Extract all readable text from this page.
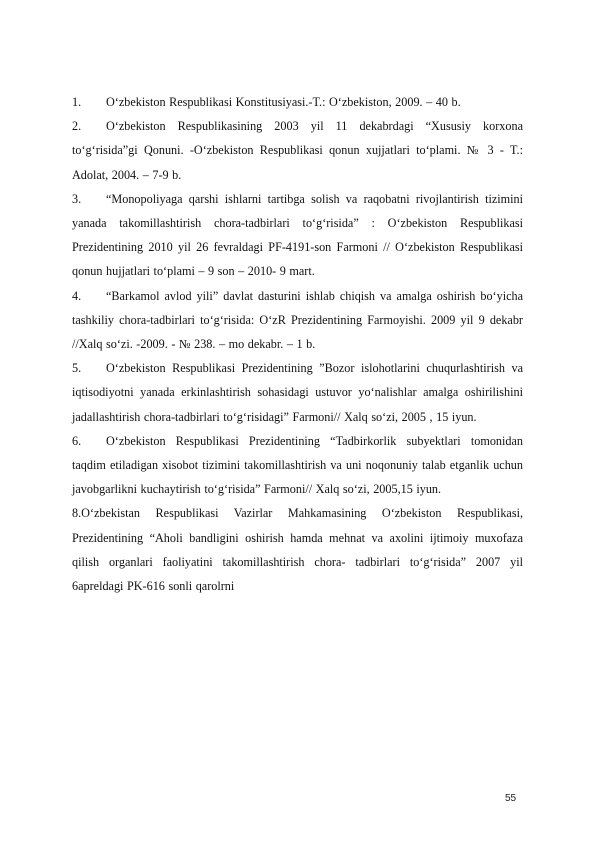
1. O‘zbekiston Respublikasi Konstitusiyasi.-T.: O‘zbekiston, 2009. – 40 b.

2. O‘zbekiston Respublikasining 2003 yil 11 dekabrdagi “Xususiy korxona to‘g‘risida”gi Qonuni. -O‘zbekiston Respublikasi qonun xujjatlari to‘plami. № 3 - T.: Adolat, 2004. – 7-9 b.

3. “Monopoliyaga qarshi ishlarni tartibga solish va raqobatni rivojlantirish tizimini yanada takomillashtirish chora-tadbirlari to‘g‘risida” : O‘zbekiston Respublikasi Prezidentining 2010 yil 26 fevraldagi PF-4191-son Farmoni // O‘zbekiston Respublikasi qonun hujjatlari to‘plami – 9 son – 2010- 9 mart.

4. “Barkamol avlod yili” davlat dasturini ishlab chiqish va amalga oshirish bo‘yicha tashkiliy chora-tadbirlari to‘g‘risida: O‘zR Prezidentining Farmoyishi. 2009 yil 9 dekabr //Xalq so‘zi. -2009. - № 238. – mo dekabr. – 1 b.

5. O‘zbekiston Respublikasi Prezidentining ”Bozor islohotlarini chuqurlashtirish va iqtisodiyotni yanada erkinlashtirish sohasidagi ustuvor yo‘nalishlar amalga oshirilishini jadallashtirish chora-tadbirlari to‘g‘risidagi” Farmoni// Xalq so‘zi, 2005 , 15 iyun.

6. O‘zbekiston Respublikasi Prezidentining “Tadbirkorlik subyektlari tomonidan taqdim etiladigan xisobot tizimini takomillashtirish va uni noqonuniy talab etganlik uchun javobgarlikni kuchaytirish to‘g‘risida” Farmoni// Xalq so‘zi, 2005,15 iyun.

8.O‘zbekistan Respublikasi Vazirlar Mahkamasining O‘zbekiston Respublikasi, Prezidentining “Aholi bandligini oshirish hamda mehnat va axolini ijtimoiy muxofaza qilish organlari faoliyatini takomillashtirish chora- tadbirlari to‘g‘risida” 2007 yil 6apreldagi PK-616 sonli qarolrni

55
